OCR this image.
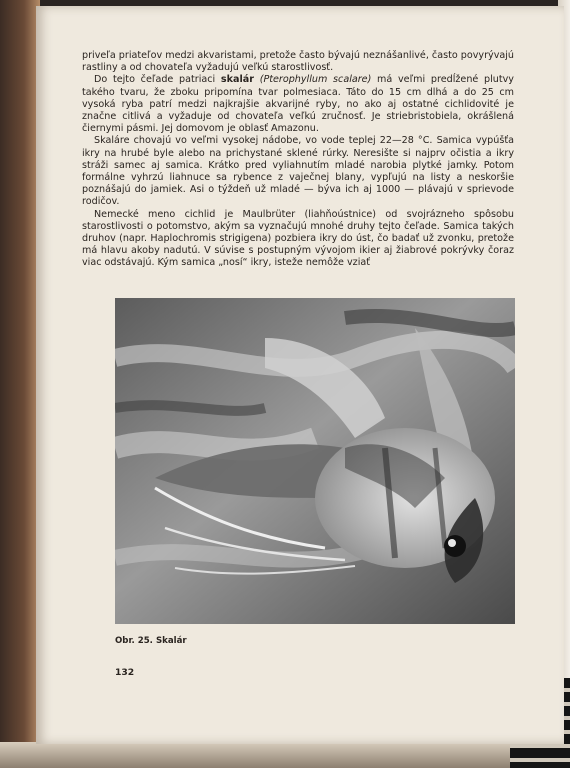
priveľa priateľov medzi akvaristami, pretože často bývajú neznášanlivé, často povyrývajú rastliny a od chovateľa vyžadujú veľkú starostlivosť.

Do tejto čeľade patriaci skalár (Pterophyllum scalare) má veľmi predĺžené plutvy takého tvaru, že zboku pripomína tvar polmesiaca. Táto do 15 cm dlhá a do 25 cm vysoká ryba patrí medzi najkrajšie akvarijné ryby, no ako aj ostatné cichlidovité je značne citlivá a vyžaduje od chovateľa veľkú zručnosť. Je striebristobiela, okrášlená čiernymi pásmi. Jej domovom je oblasť Amazonu.

Skaláre chovajú vo veľmi vysokej nádobe, vo vode teplej 22—28 °C. Samica vypúšťa ikry na hrubé byle alebo na prichystané sklené rúrky. Neresište si najprv očistia a ikry stráži samec aj samica. Krátko pred vyliahnutím mladé narobia plytké jamky. Potom formálne vyhrzú liahnuce sa rybence z vaječnej blany, vypľujú na listy a neskoršie poznášajú do jamiek. Asi o týždeň už mladé — býva ich aj 1000 — plávajú v sprievode rodičov.

Nemecké meno cichlid je Maulbrüter (liahňoústnice) od svojrázneho spôsobu starostlivosti o potomstvo, akým sa vyznačujú mnohé druhy tejto čeľade. Samica takých druhov (napr. Haplochromis strigigena) pozbiera ikry do úst, čo badať už zvonku, pretože má hlavu akoby nadutú. V súvise s postupným vývojom ikier aj žiabrové pokrývky čoraz viac odstávajú. Kým samica „nosí“ ikry, isteže nemôže vziať

Obr. 25. Skalár
132
